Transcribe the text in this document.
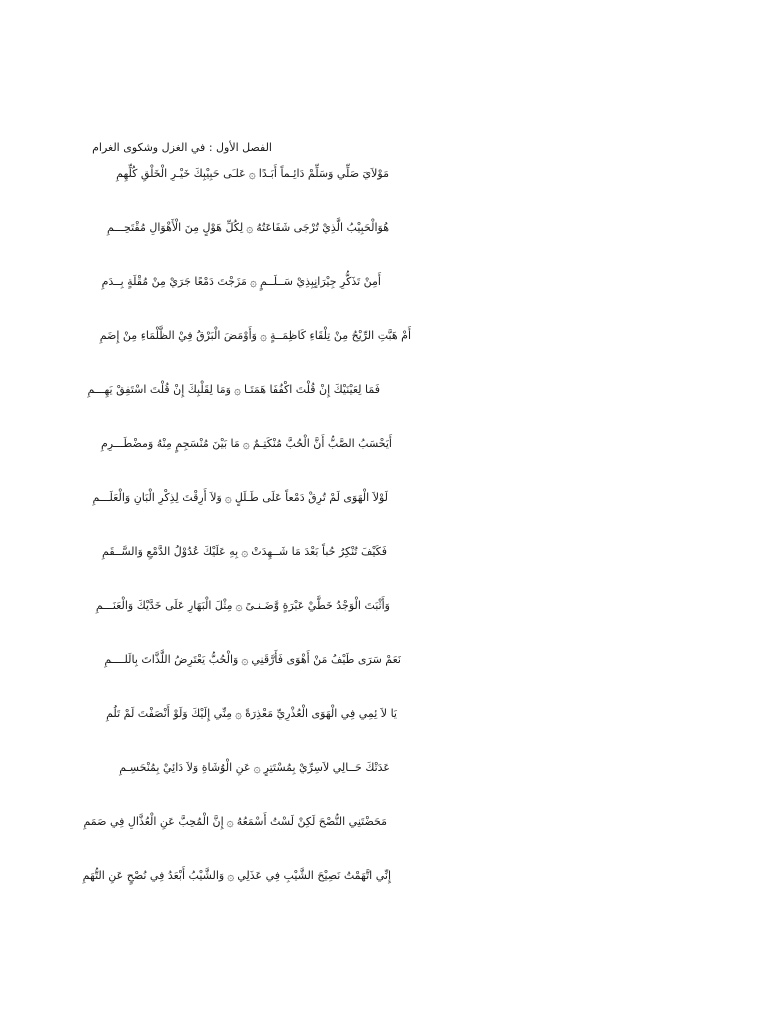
الفصل الأول : في الغزل وشكوى الغرام
مَوْلاَيَ صَلِّي وَسَلِّمْ دَائِـماً أَبَـدًا۞عَلـَى حَبِيْبِكَ خَيْـرِ الْخَلْقِ كُلِّهِمِ
هُوَالْحَبِيْبُ الَّذِيْ تُرْجَى شَفَاعَتُهُ۞لِكُلِّ هَوْلٍ مِنَ الْأَهْوَالِ مُقْتَحِـــمِ
أَمِنْ تَذَكُّرِ جِيْرَانٍبِذِيْ سَــلَــمٍ۞مَزَجْتَ دَمْعًا جَرَيْ مِنْ مُقْلَةٍ بِــدَمِ
أَمْ هَبَّتِ الرِّيْحُ مِنْ تِلْقَاءِ كَاظِمَــةٍ۞وَأَوْمَضَ الْبَرْقُ فِيْ الظَّلْمَاءِ مِنْ إِضَمِ
فَمَا لِعَيْنَيْكَ إِنْ قُلْتَ اكْفُفَا هَمَتَـا۞وَمَا لِقَلْبِكَ إِنْ قُلْتَ اسْتَفِقْ يَهِـــمِ
أَيَحْسَبُ الصَّبُّ أَنَّ الْحُبَّ مُنْكَتِـمٌ۞مَا بَيْنَ مُنْسَجِمٍ مِنْهُ وَمضْطَـــرِمِ
لَوْلاَ الْهَوَى لَمْ تُرِقْ دَمْعاً عَلَى طَـلَلٍ۞وَلاَ أَرِقْتَ لِذِكْرِ الْبَانِ وَالْعَلَـــمِ
فَكَيْفَ تُنْكِرُ حُباً بَعْدَ مَا شَــهِدَتْ۞بِهِ عَلَيْكَ عُدُوْلُ الدَّمْعِ وَالسَّــقَمِ
وَأَثْبَتَ الْوَجْدُ خَطَّيْ عَبْرَةٍ وَّضَـنـىً۞مِثْلَ الْبَهَارِ عَلَى خَدَّيْكَ وَالْعَنَـــمِ
نَعَمْ سَرَى طَيْفُ مَنْ أَهْوَى فَأَرَّقَنِي۞وَالْحُبُّ يَعْتَرِضُ اللَّذَّاتَ بِالَلــــمِ
يَا لاَ ئِمِي فِي الْهَوَى الْعُذْرِيِّ مَعْذِرَةً۞مِنِّي إِلَيْكَ وَلَوْ أَنْصَفْتَ لَمْ تَلُمِ
عَدَتْكَ حَــالِي لاَسِرِّيْ بِمُسْتَتِرٍ۞عَنِ الْوُشَاةِ وَلاَ دَائِيْ بِمُنْحَسِـمِ
مَحَضْتَنِي النُّصْحَ لَكِنْ لَسْتُ أَسْمَعُهُ۞إِنَّ الْمُحِبَّ عَنِ الْعُذَّالِ فِي صَمَمِ
إِنِّي اتَّهَمْتُ نَصِيْحَ الشَّيْبِ فِي عَذَلِي۞وَالشَّيْبُ أَبْعَدُ فِي نُصْحٍ عَنِ التُّهَمِ
